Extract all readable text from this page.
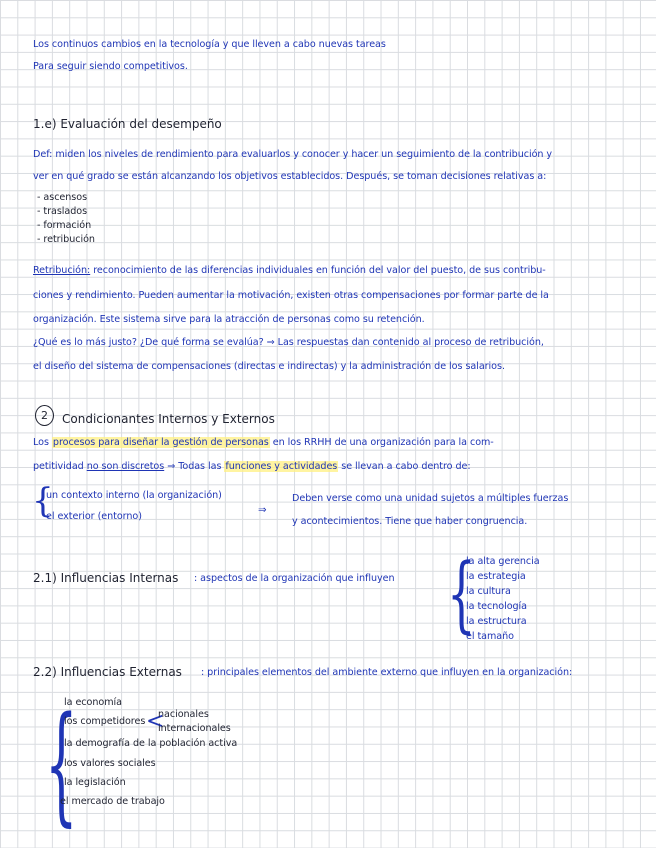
Los continuos cambios en la tecnología y que lleven a cabo nuevas tareas
Para seguir siendo competitivos.
1.e) Evaluación del desempeño
Def: miden los niveles de rendimiento para evaluarlos y conocer y hacer un seguimiento de la contribución y
ver en qué grado se están alcanzando los objetivos establecidos. Después, se toman decisiones relativas a:
- ascensos
- traslados
- formación
- retribución
Retribución: reconocimiento de las diferencias individuales en función del valor del puesto, de sus contribu-
ciones y rendimiento. Pueden aumentar la motivación, existen otras compensaciones por formar parte de la
organización. Este sistema sirve para la atracción de personas como su retención.
¿Qué es lo más justo? ¿De qué forma se evalúa? ⇒ Las respuestas dan contenido al proceso de retribución,
el diseño del sistema de compensaciones (directas e indirectas) y la administración de los salarios.
2	Condicionantes Internos y Externos
Los procesos para diseñar la gestión de personas en los RRHH de una organización para la com-
petitividad no son discretos ⇒ Todas las funciones y actividades se llevan a cabo dentro de:
{
un contexto interno (la organización)
el exterior (entorno)
⇒
Deben verse como una unidad sujetos a múltiples fuerzas
y acontecimientos. Tiene que haber congruencia.
2.1) Influencias Internas : aspectos de la organización que influyen {
la alta gerencia
la estrategia
la cultura
la tecnología
la estructura
el tamaño
2.2) Influencias Externas : principales elementos del ambiente externo que influyen en la organización:
{
la economía
los competidores <
nacionales
internacionales
la demografía de la población activa
los valores sociales
la legislación
el mercado de trabajo
